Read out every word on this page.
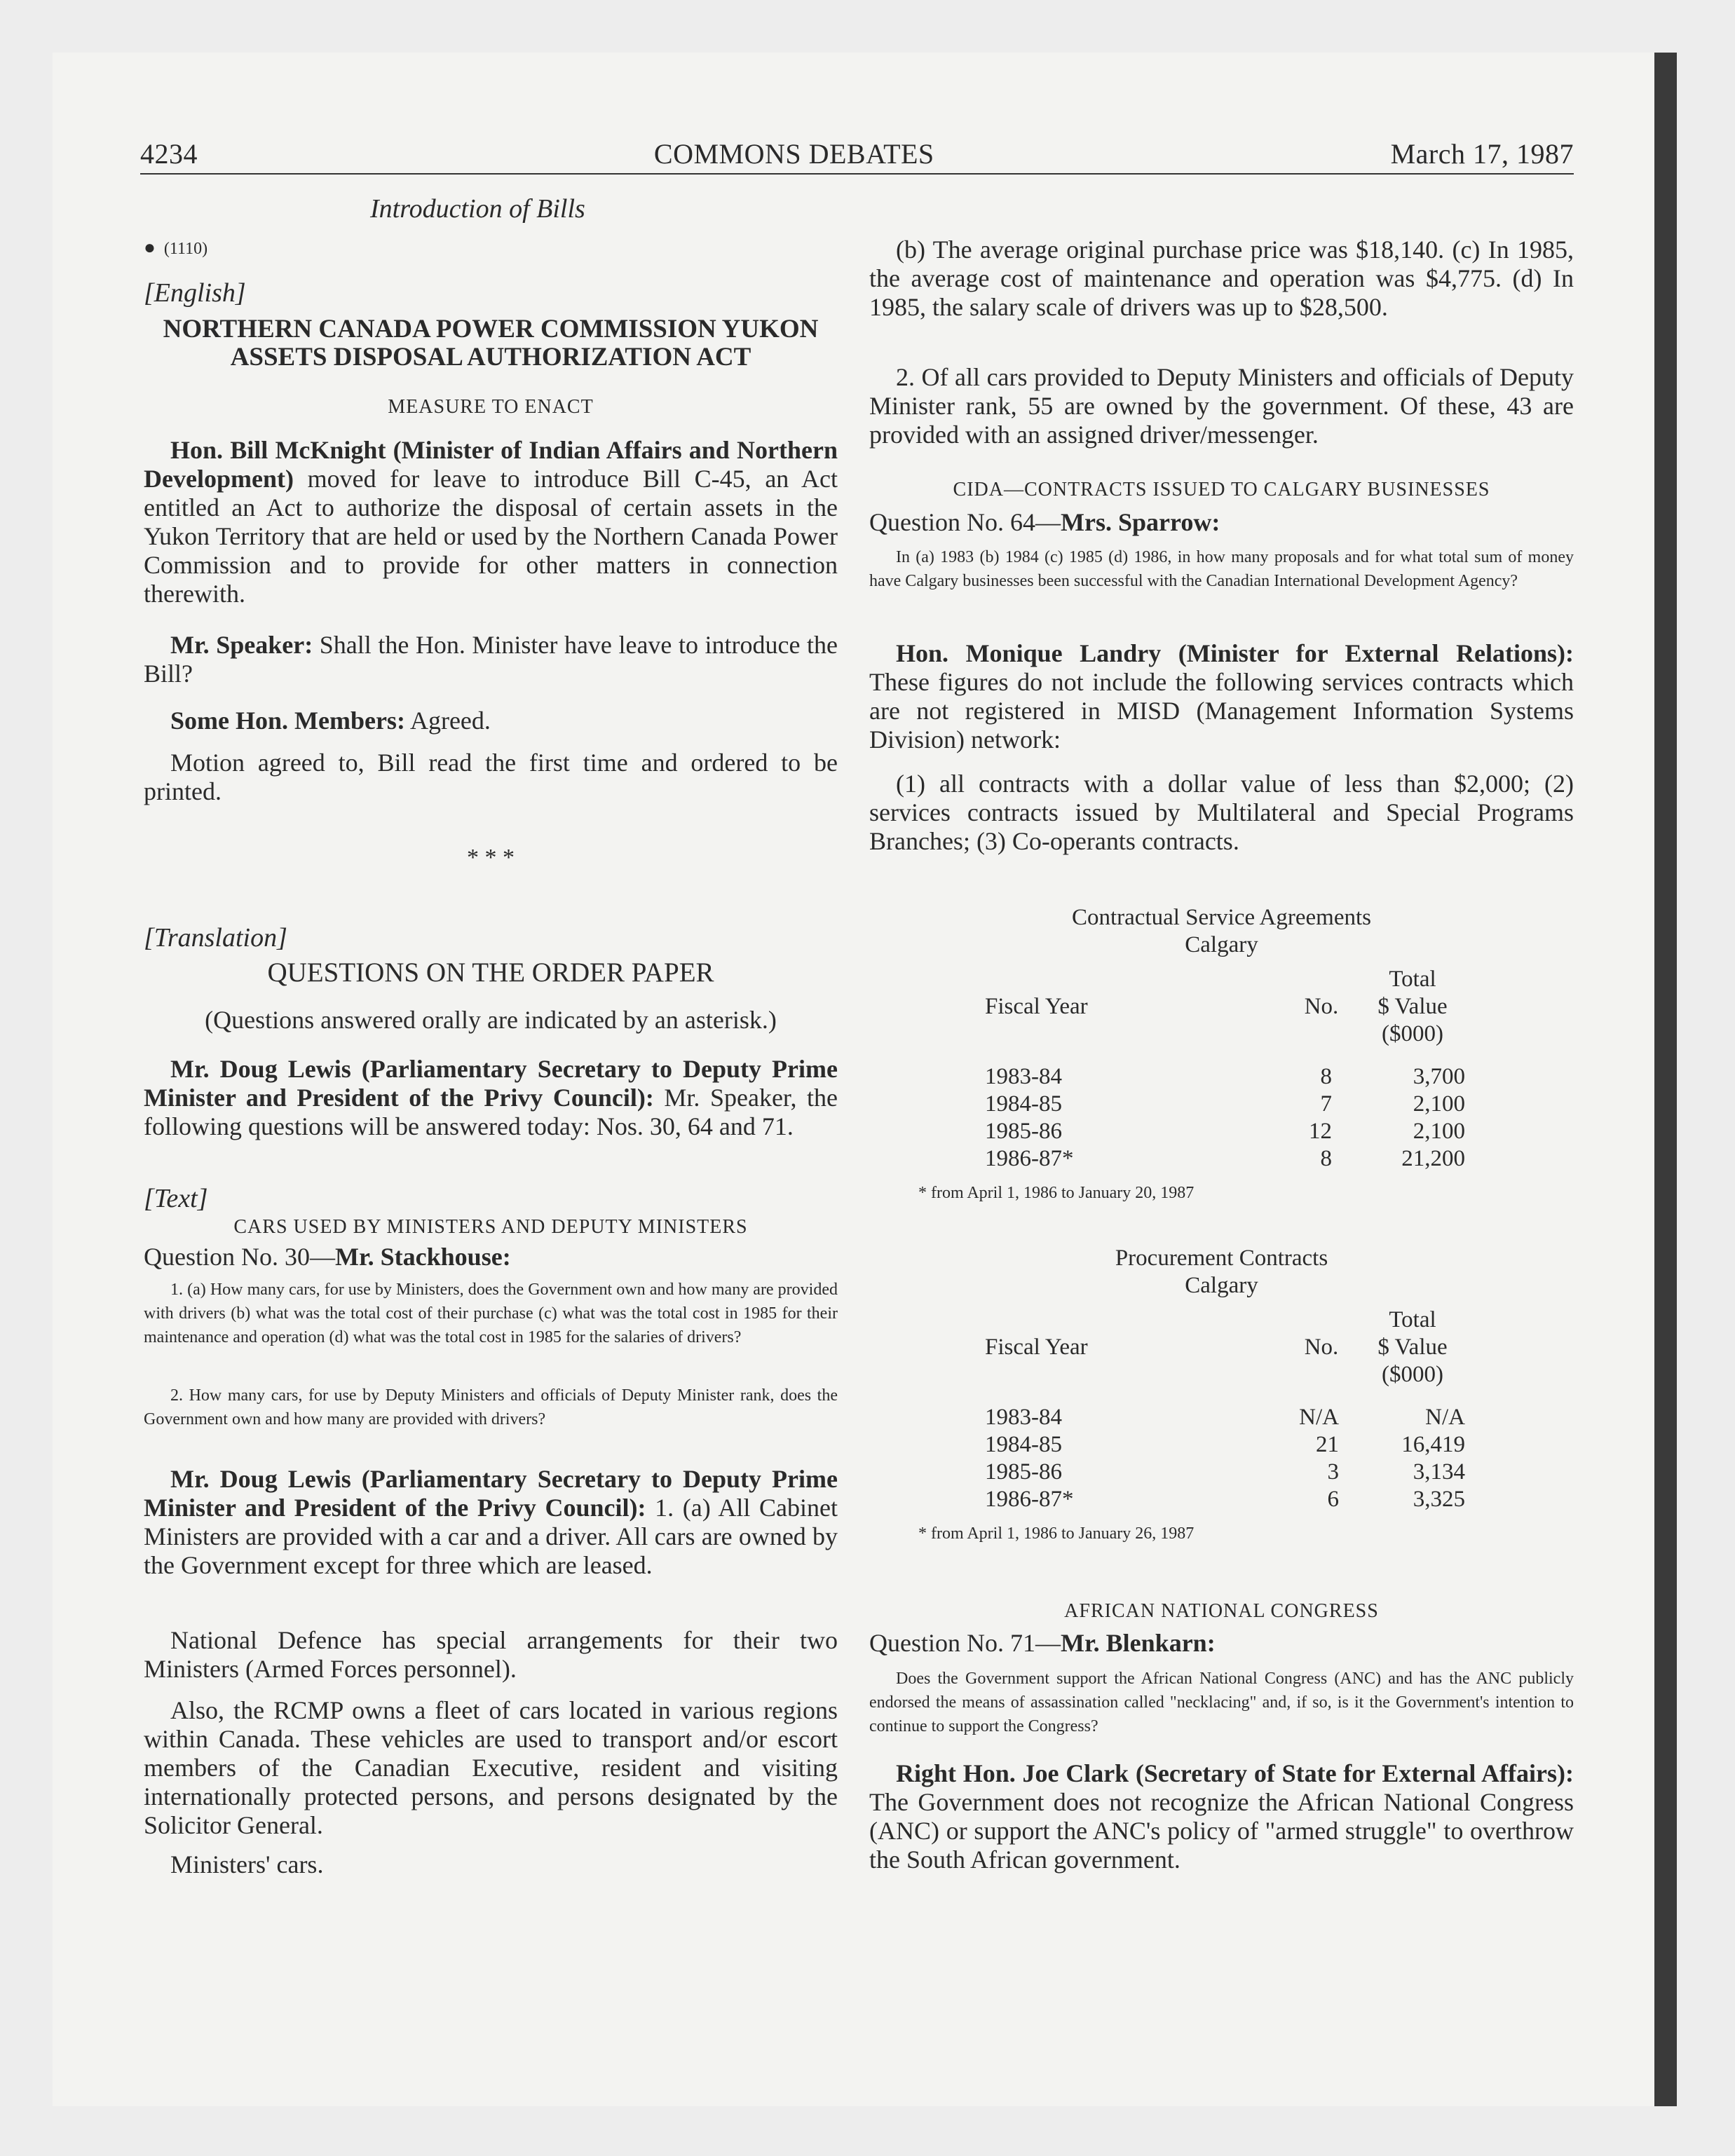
4234	COMMONS DEBATES	March 17, 1987

Introduction of Bills

● (1110)

[English]

NORTHERN CANADA POWER COMMISSION YUKON ASSETS DISPOSAL AUTHORIZATION ACT

MEASURE TO ENACT

Hon. Bill McKnight (Minister of Indian Affairs and Northern Development) moved for leave to introduce Bill C-45, an Act entitled an Act to authorize the disposal of certain assets in the Yukon Territory that are held or used by the Northern Canada Power Commission and to provide for other matters in connection therewith.

Mr. Speaker: Shall the Hon. Minister have leave to introduce the Bill?

Some Hon. Members: Agreed.

Motion agreed to, Bill read the first time and ordered to be printed.

* * *

[Translation]

QUESTIONS ON THE ORDER PAPER

(Questions answered orally are indicated by an asterisk.)

Mr. Doug Lewis (Parliamentary Secretary to Deputy Prime Minister and President of the Privy Council): Mr. Speaker, the following questions will be answered today: Nos. 30, 64 and 71.

[Text]

CARS USED BY MINISTERS AND DEPUTY MINISTERS

Question No. 30—Mr. Stackhouse:

1. (a) How many cars, for use by Ministers, does the Government own and how many are provided with drivers (b) what was the total cost of their purchase (c) what was the total cost in 1985 for their maintenance and operation (d) what was the total cost in 1985 for the salaries of drivers?

2. How many cars, for use by Deputy Ministers and officials of Deputy Minister rank, does the Government own and how many are provided with drivers?

Mr. Doug Lewis (Parliamentary Secretary to Deputy Prime Minister and President of the Privy Council): 1. (a) All Cabinet Ministers are provided with a car and a driver. All cars are owned by the Government except for three which are leased.

National Defence has special arrangements for their two Ministers (Armed Forces personnel).

Also, the RCMP owns a fleet of cars located in various regions within Canada. These vehicles are used to transport and/or escort members of the Canadian Executive, resident and visiting internationally protected persons, and persons designated by the Solicitor General.

Ministers' cars.

(b) The average original purchase price was $18,140. (c) In 1985, the average cost of maintenance and operation was $4,775. (d) In 1985, the salary scale of drivers was up to $28,500.

2. Of all cars provided to Deputy Ministers and officials of Deputy Minister rank, 55 are owned by the government. Of these, 43 are provided with an assigned driver/messenger.

CIDA—CONTRACTS ISSUED TO CALGARY BUSINESSES

Question No. 64—Mrs. Sparrow:

In (a) 1983 (b) 1984 (c) 1985 (d) 1986, in how many proposals and for what total sum of money have Calgary businesses been successful with the Canadian International Development Agency?

Hon. Monique Landry (Minister for External Relations): These figures do not include the following services contracts which are not registered in MISD (Management Information Systems Division) network:

(1) all contracts with a dollar value of less than $2,000; (2) services contracts issued by Multilateral and Special Programs Branches; (3) Co-operants contracts.

Contractual Service Agreements

Calgary

Fiscal Year	No.	Total
$ Value
($000)

1983-84	8	3,700
1984-85	7	2,100
1985-86	12	2,100
1986-87*	8	21,200

* from April 1, 1986 to January 20, 1987

Procurement Contracts

Calgary

Fiscal Year	No.	Total
$ Value
($000)

1983-84	N/A	N/A
1984-85	21	16,419
1985-86	3	3,134
1986-87*	6	3,325

* from April 1, 1986 to January 26, 1987

AFRICAN NATIONAL CONGRESS

Question No. 71—Mr. Blenkarn:

Does the Government support the African National Congress (ANC) and has the ANC publicly endorsed the means of assassination called "necklacing" and, if so, is it the Government's intention to continue to support the Congress?

Right Hon. Joe Clark (Secretary of State for External Affairs): The Government does not recognize the African National Congress (ANC) or support the ANC's policy of "armed struggle" to overthrow the South African government.
